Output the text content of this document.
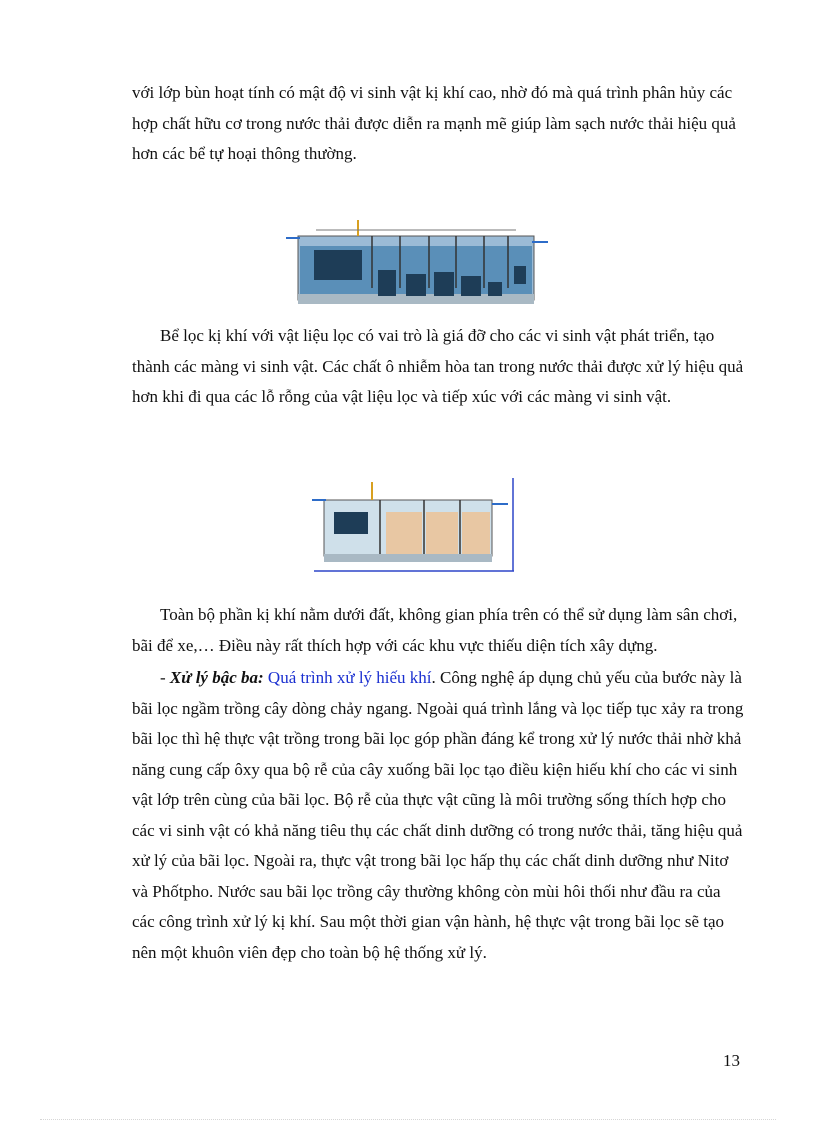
với lớp bùn hoạt tính có mật độ vi sinh vật kị khí cao, nhờ đó mà quá trình phân hủy các hợp chất hữu cơ trong nước thải được diễn ra mạnh mẽ giúp làm sạch nước thải hiệu quả hơn các bể tự hoại thông thường.

Bể lọc kị khí với vật liệu lọc có vai trò là giá đỡ cho các vi sinh vật phát triển, tạo thành các màng vi sinh vật. Các chất ô nhiễm hòa tan trong nước thải được xử lý hiệu quả hơn khi đi qua các lỗ rỗng của vật liệu lọc và tiếp xúc với các màng vi sinh vật.

Toàn bộ phần kị khí nằm dưới đất, không gian phía trên có thể sử dụng làm sân chơi, bãi để xe,… Điều này rất thích hợp với các khu vực thiếu diện tích xây dựng.

- Xử lý bậc ba: Quá trình xử lý hiếu khí. Công nghệ áp dụng chủ yếu của bước này là bãi lọc ngầm trồng cây dòng chảy ngang. Ngoài quá trình lắng và lọc tiếp tục xảy ra trong bãi lọc thì hệ thực vật trồng trong bãi lọc góp phần đáng kể trong xử lý nước thải nhờ khả năng cung cấp ôxy qua bộ rễ của cây xuống bãi lọc tạo điều kiện hiếu khí cho các vi sinh vật lớp trên cùng của bãi lọc. Bộ rễ của thực vật cũng là môi trường sống thích hợp cho các vi sinh vật có khả năng tiêu thụ các chất dinh dưỡng có trong nước thải, tăng hiệu quả xử lý của bãi lọc. Ngoài ra, thực vật trong bãi lọc hấp thụ các chất dinh dưỡng như Nitơ và Phốtpho. Nước sau bãi lọc trồng cây thường không còn mùi hôi thối như đầu ra của các công trình xử lý kị khí. Sau một thời gian vận hành, hệ thực vật trong bãi lọc sẽ tạo nên một khuôn viên đẹp cho toàn bộ hệ thống xử lý.

13
